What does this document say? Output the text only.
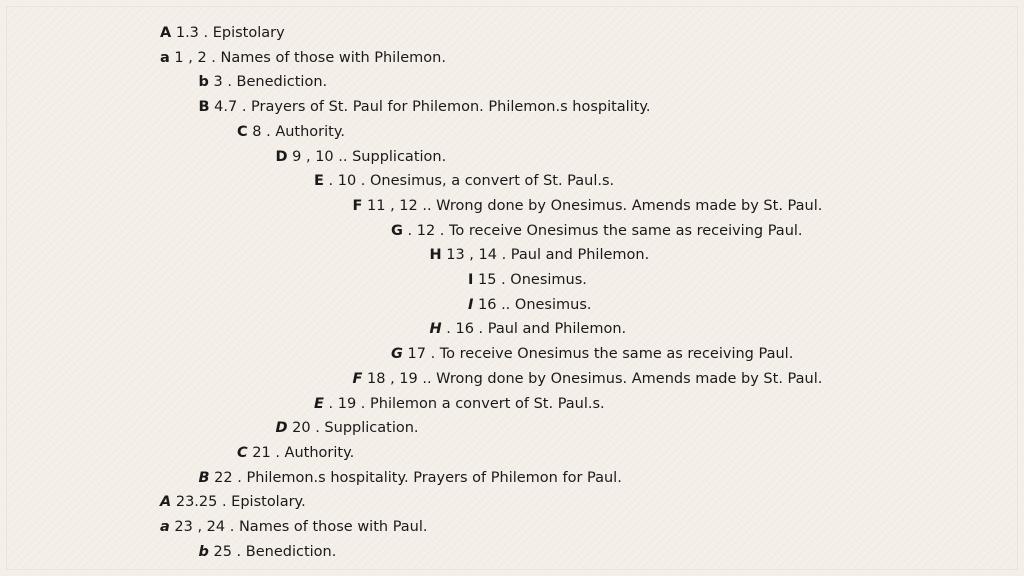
A 1.3 . Epistolary
a 1 , 2 . Names of those with Philemon.
b 3 . Benediction.
B 4.7 . Prayers of St. Paul for Philemon. Philemon.s hospitality.
C 8 . Authority.
D 9 , 10 .. Supplication.
E . 10 . Onesimus, a convert of St. Paul.s.
F 11 , 12 .. Wrong done by Onesimus. Amends made by St. Paul.
G . 12 . To receive Onesimus the same as receiving Paul.
H 13 , 14 . Paul and Philemon.
I 15 . Onesimus.
I 16 .. Onesimus.
H . 16 . Paul and Philemon.
G 17 . To receive Onesimus the same as receiving Paul.
F 18 , 19 .. Wrong done by Onesimus. Amends made by St. Paul.
E . 19 . Philemon a convert of St. Paul.s.
D 20 . Supplication.
C 21 . Authority.
B 22 . Philemon.s hospitality. Prayers of Philemon for Paul.
A 23.25 . Epistolary.
a 23 , 24 . Names of those with Paul.
b 25 . Benediction.
